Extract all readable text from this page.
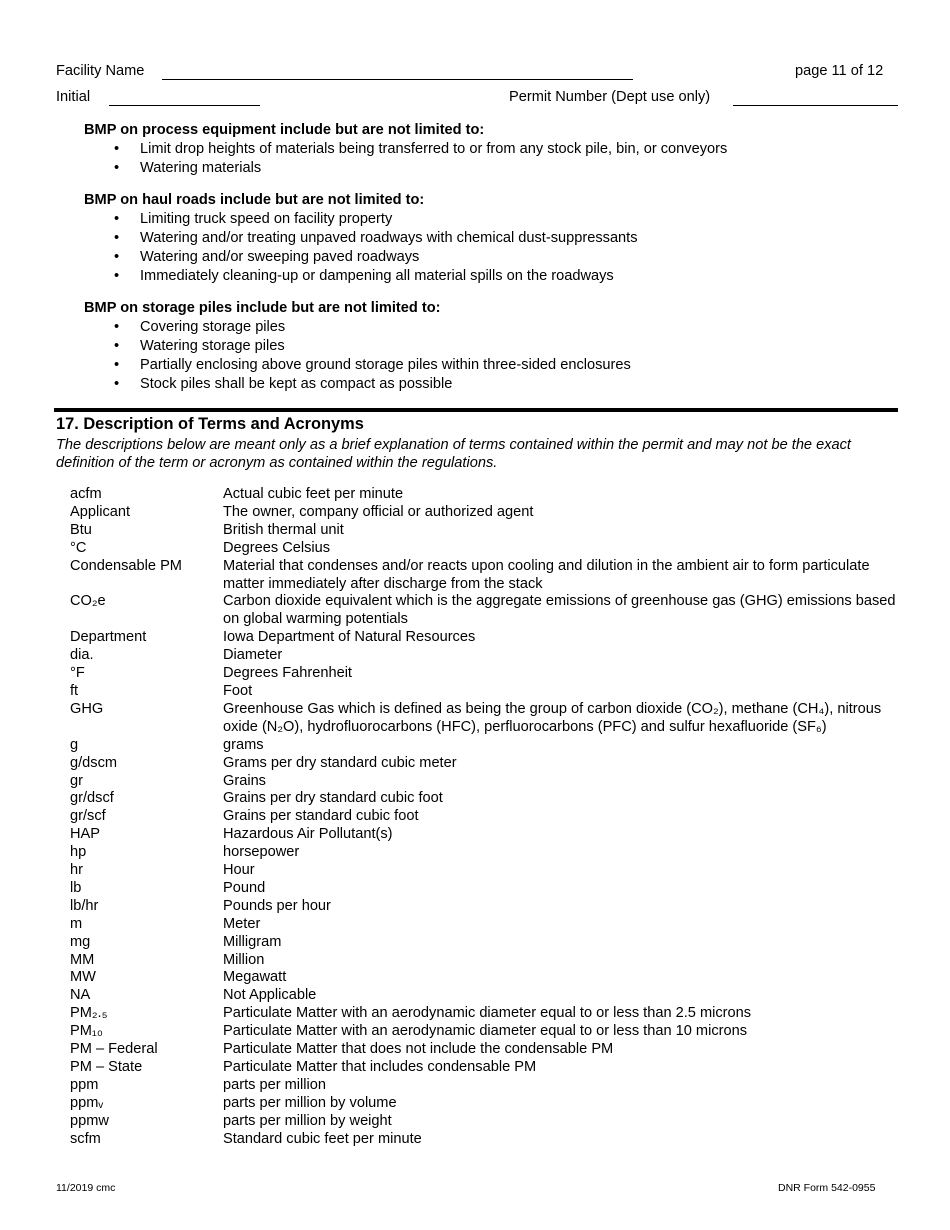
Facility Name	page 11 of 12
Initial	Permit Number (Dept use only)
BMP on process equipment include but are not limited to:
• Limit drop heights of materials being transferred to or from any stock pile, bin, or conveyors
• Watering materials
BMP on haul roads include but are not limited to:
• Limiting truck speed on facility property
• Watering and/or treating unpaved roadways with chemical dust-suppressants
• Watering and/or sweeping paved roadways
• Immediately cleaning-up or dampening all material spills on the roadways
BMP on storage piles include but are not limited to:
• Covering storage piles
• Watering storage piles
• Partially enclosing above ground storage piles within three-sided enclosures
• Stock piles shall be kept as compact as possible
17. Description of Terms and Acronyms
The descriptions below are meant only as a brief explanation of terms contained within the permit and may not be the exact definition of the term or acronym as contained within the regulations.
acfm	Actual cubic feet per minute
Applicant	The owner, company official or authorized agent
Btu	British thermal unit
°C	Degrees Celsius
Condensable PM	Material that condenses and/or reacts upon cooling and dilution in the ambient air to form particulate matter immediately after discharge from the stack
CO₂e	Carbon dioxide equivalent which is the aggregate emissions of greenhouse gas (GHG) emissions based on global warming potentials
Department	Iowa Department of Natural Resources
dia.	Diameter
°F	Degrees Fahrenheit
ft	Foot
GHG	Greenhouse Gas which is defined as being the group of carbon dioxide (CO₂), methane (CH₄), nitrous oxide (N₂O), hydrofluorocarbons (HFC), perfluorocarbons (PFC) and sulfur hexafluoride (SF₆)
g	grams
g/dscm	Grams per dry standard cubic meter
gr	Grains
gr/dscf	Grains per dry standard cubic foot
gr/scf	Grains per standard cubic foot
HAP	Hazardous Air Pollutant(s)
hp	horsepower
hr	Hour
lb	Pound
lb/hr	Pounds per hour
m	Meter
mg	Milligram
MM	Million
MW	Megawatt
NA	Not Applicable
PM₂.₅	Particulate Matter with an aerodynamic diameter equal to or less than 2.5 microns
PM₁₀	Particulate Matter with an aerodynamic diameter equal to or less than 10 microns
PM – Federal	Particulate Matter that does not include the condensable PM
PM – State	Particulate Matter that includes condensable PM
ppm	parts per million
ppmᵥ	parts per million by volume
ppmw	parts per million by weight
scfm	Standard cubic feet per minute
11/2019 cmc	DNR Form 542-0955
